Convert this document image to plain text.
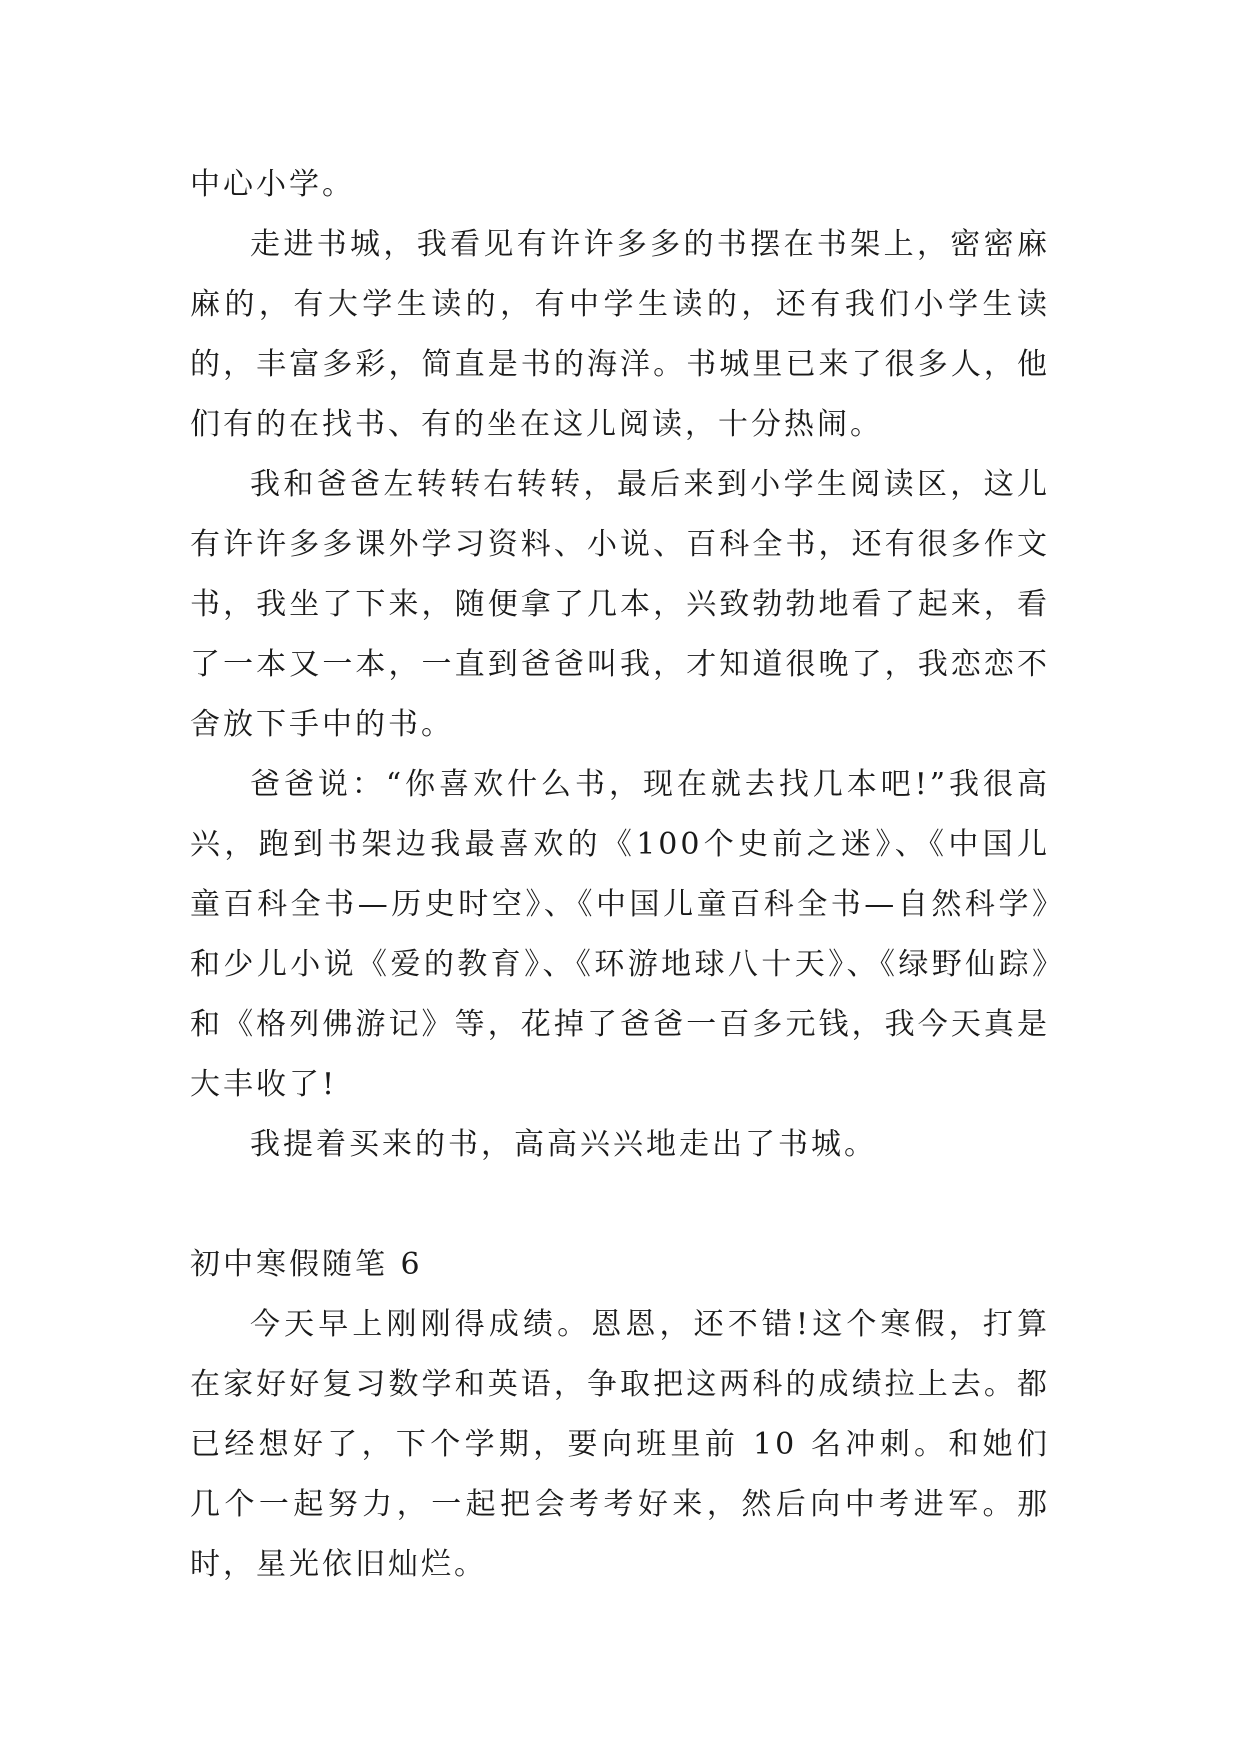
中心小学。

走进书城，我看见有许许多多的书摆在书架上，密密麻麻的，有大学生读的，有中学生读的，还有我们小学生读的，丰富多彩，简直是书的海洋。书城里已来了很多人，他们有的在找书、有的坐在这儿阅读，十分热闹。

我和爸爸左转转右转转，最后来到小学生阅读区，这儿有许许多多课外学习资料、小说、百科全书，还有很多作文书，我坐了下来，随便拿了几本，兴致勃勃地看了起来，看了一本又一本，一直到爸爸叫我，才知道很晚了，我恋恋不舍放下手中的书。

爸爸说：“你喜欢什么书，现在就去找几本吧!”我很高兴，跑到书架边我最喜欢的《100个史前之迷》、《中国儿童百科全书—历史时空》、《中国儿童百科全书—自然科学》和少儿小说《爱的教育》、《环游地球八十天》、《绿野仙踪》和《格列佛游记》等，花掉了爸爸一百多元钱，我今天真是大丰收了!

我提着买来的书，高高兴兴地走出了书城。

初中寒假随笔 6

今天早上刚刚得成绩。恩恩，还不错!这个寒假，打算在家好好复习数学和英语，争取把这两科的成绩拉上去。都已经想好了，下个学期，要向班里前 10 名冲刺。和她们几个一起努力，一起把会考考好来，然后向中考进军。那时，星光依旧灿烂。
